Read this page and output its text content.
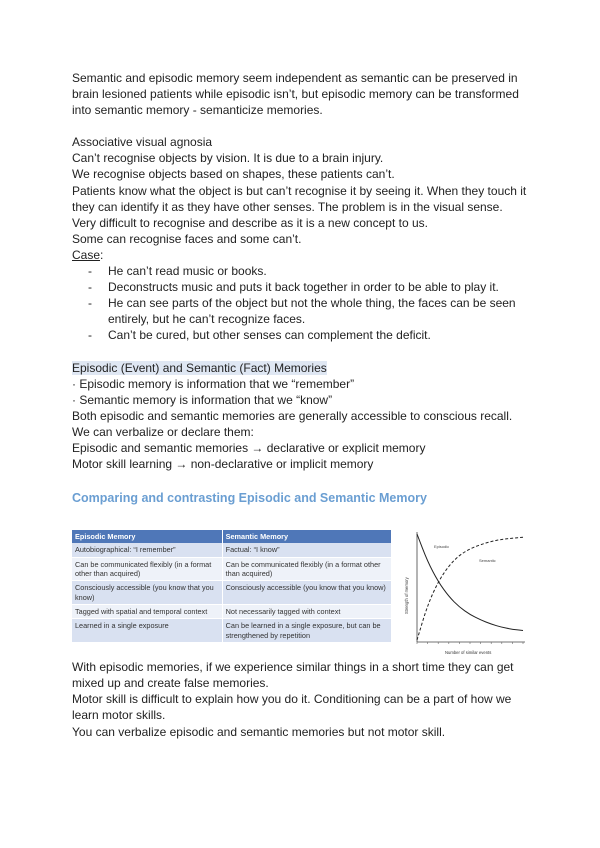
Semantic and episodic memory seem independent as semantic can be preserved in brain lesioned patients while episodic isn’t, but episodic memory can be transformed into semantic memory - semanticize memories.

Associative visual agnosia

Can’t recognise objects by vision. It is due to a brain injury.

We recognise objects based on shapes, these patients can’t.

Patients know what the object is but can’t recognise it by seeing it. When they touch it they can identify it as they have other senses. The problem is in the visual sense.

Very difficult to recognise and describe as it is a new concept to us.

Some can recognise faces and some can’t.

Case:

- He can’t read music or books.
- Deconstructs music and puts it back together in order to be able to play it.
- He can see parts of the object but not the whole thing, the faces can be seen entirely, but he can’t recognize faces.
- Can’t be cured, but other senses can complement the deficit.

Episodic (Event) and Semantic (Fact) Memories

· Episodic memory is information that we “remember”

· Semantic memory is information that we “know”

Both episodic and semantic memories are generally accessible to conscious recall. We can verbalize or declare them:

Episodic and semantic memories → declarative or explicit memory

Motor skill learning → non-declarative or implicit memory

Comparing and contrasting Episodic and Semantic Memory
Episodic Memory	Semantic Memory
Autobiographical: “I remember”	Factual: “I know”
Can be communicated flexibly (in a format other than acquired)	Can be communicated flexibly (in a format other than acquired)
Consciously accessible (you know that you know)	Consciously accessible (you know that you know)
Tagged with spatial and temporal context	Not necessarily tagged with context
Learned in a single exposure	Can be learned in a single exposure, but can be strengthened by repetition
Episodic
Semantic
Strength of memory
Number of similar events

With episodic memories, if we experience similar things in a short time they can get mixed up and create false memories.

Motor skill is difficult to explain how you do it. Conditioning can be a part of how we learn motor skills.

You can verbalize episodic and semantic memories but not motor skill.
